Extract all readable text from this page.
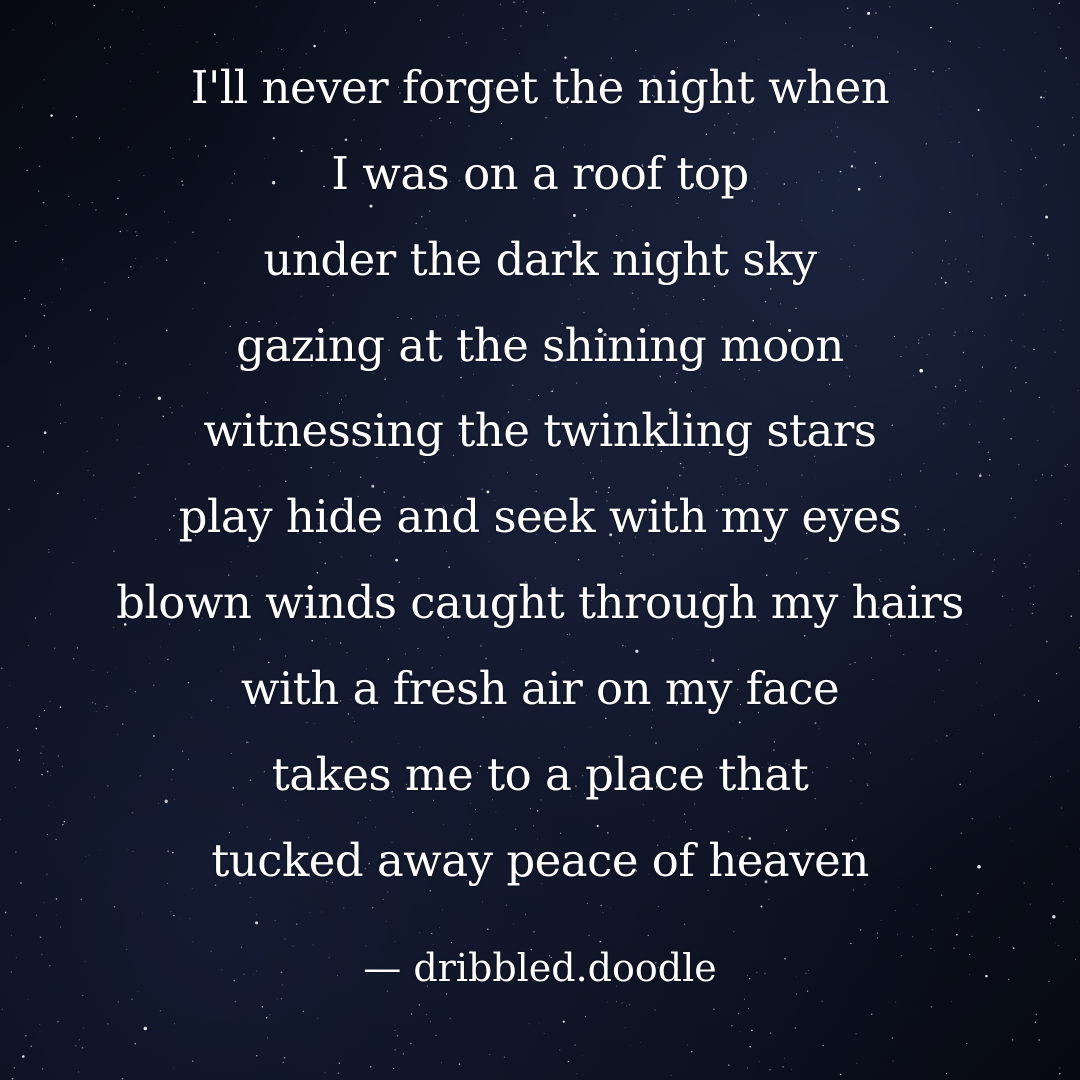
I'll never forget the night when
I was on a roof top
under the dark night sky
gazing at the shining moon
witnessing the twinkling stars
play hide and seek with my eyes
blown winds caught through my hairs
with a fresh air on my face
takes me to a place that
tucked away peace of heaven
— dribbled.doodle
